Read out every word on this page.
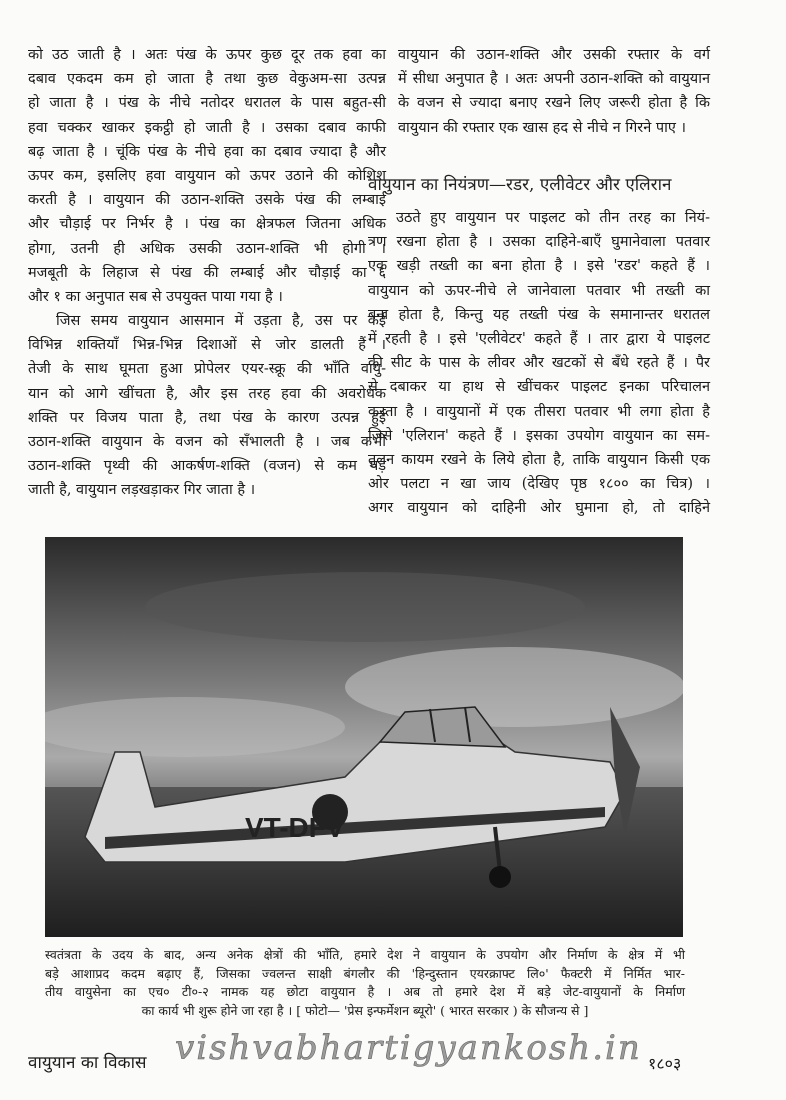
को उठ जाती है । अतः पंख के ऊपर कुछ दूर तक हवा का
दबाव एकदम कम हो जाता है तथा कुछ वेकुअम-सा उत्पन्न
हो जाता है । पंख के नीचे नतोदर धरातल के पास बहुत-सी
हवा चक्कर खाकर इकट्ठी हो जाती है । उसका दबाव काफी
बढ़ जाता है । चूंकि पंख के नीचे हवा का दबाव ज्यादा है और
ऊपर कम, इसलिए हवा वायुयान को ऊपर उठाने की कोशिश
करती है । वायुयान की उठान-शक्ति उसके पंख की लम्बाई
और चौड़ाई पर निर्भर है । पंख का क्षेत्रफल जितना अधिक
होगा, उतनी ही अधिक उसकी उठान-शक्ति भी होगी ।
मजबूती के लिहाज से पंख की लम्बाई और चौड़ाई का ६
और १ का अनुपात सब से उपयुक्त पाया गया है ।
जिस समय वायुयान आसमान में उड़ता है, उस पर कई
विभिन्न शक्तियाँ भिन्न-भिन्न दिशाओं से जोर डालती हैं ।
तेजी के साथ घूमता हुआ प्रोपेलर एयर-स्क्रू की भाँति वायु-
यान को आगे खींचता है, और इस तरह हवा की अवरोधक
शक्ति पर विजय पाता है, तथा पंख के कारण उत्पन्न हुई
उठान-शक्ति वायुयान के वजन को सँभालती है । जब कभी
उठान-शक्ति पृथ्वी की आकर्षण-शक्ति (वजन) से कम पड़
जाती है, वायुयान लड़खड़ाकर गिर जाता है ।
वायुयान की उठान-शक्ति और उसकी रफ्तार के वर्ग
में सीधा अनुपात है । अतः अपनी उठान-शक्ति को वायुयान
के वजन से ज्यादा बनाए रखने लिए जरूरी होता है कि
वायुयान की रफ्तार एक खास हद से नीचे न गिरने पाए ।
वायुयान का नियंत्रण—रडर, एलीवेटर और एलिरान
उठते हुए वायुयान पर पाइलट को तीन तरह का नियं-
त्रण रखना होता है । उसका दाहिने-बाएँ घुमानेवाला पतवार
एक खड़ी तख्ती का बना होता है । इसे 'रडर' कहते हैं ।
वायुयान को ऊपर-नीचे ले जानेवाला पतवार भी तख्ती का
बना होता है, किन्तु यह तख्ती पंख के समानान्तर धरातल
में रहती है । इसे 'एलीवेटर' कहते हैं । तार द्वारा ये पाइलट
की सीट के पास के लीवर और खटकों से बँधे रहते हैं । पैर
से दबाकर या हाथ से खींचकर पाइलट इनका परिचालन
करता है । वायुयानों में एक तीसरा पतवार भी लगा होता है
जिसे 'एलिरान' कहते हैं । इसका उपयोग वायुयान का सम-
तुलन कायम रखने के लिये होता है, ताकि वायुयान किसी एक
ओर पलटा न खा जाय (देखिए पृष्ठ १८०० का चित्र) ।
अगर वायुयान को दाहिनी ओर घुमाना हो, तो दाहिने
VT-DFV
स्वतंत्रता के उदय के बाद, अन्य अनेक क्षेत्रों की भाँति, हमारे देश ने वायुयान के उपयोग और निर्माण के क्षेत्र में भी
बड़े आशाप्रद कदम बढ़ाए हैं, जिसका ज्वलन्त साक्षी बंगलौर की 'हिन्दुस्तान एयरक्राफ्ट लि०' फैक्टरी में निर्मित भार-
तीय वायुसेना का एच० टी०-२ नामक यह छोटा वायुयान है । अब तो हमारे देश में बड़े जेट-वायुयानों के निर्माण
का कार्य भी शुरू होने जा रहा है । [ फोटो— 'प्रेस इन्फर्मेशन ब्यूरो' ( भारत सरकार ) के सौजन्य से ]
vishvabhartigyankosh.in
वायुयान का विकास	१८०३
